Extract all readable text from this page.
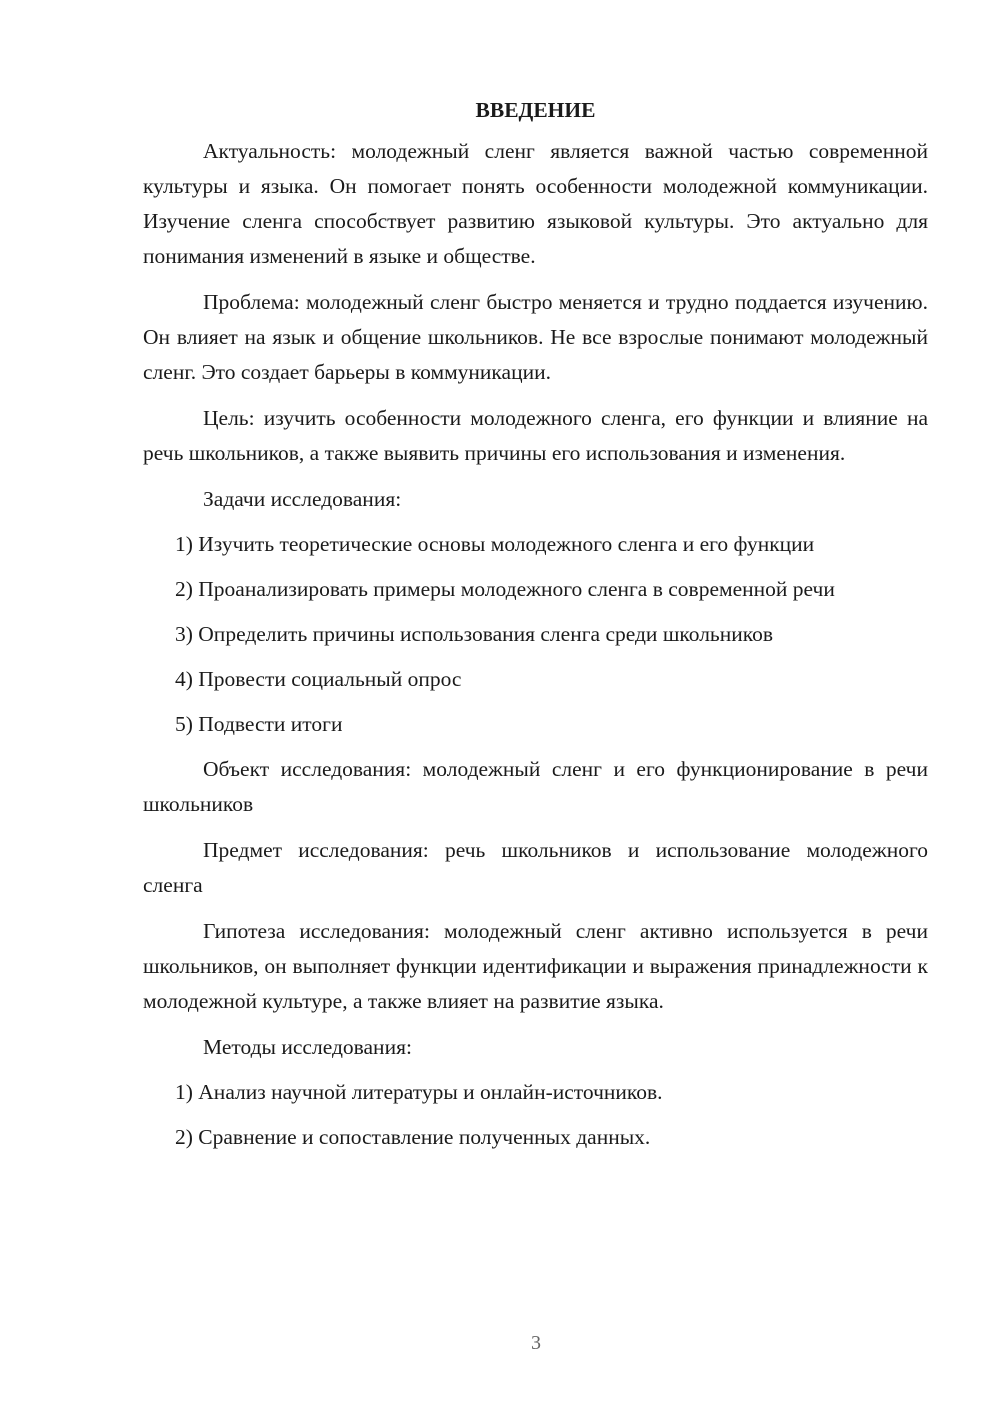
ВВЕДЕНИЕ

Актуальность: молодежный сленг является важной частью современной культуры и языка. Он помогает понять особенности молодежной коммуникации. Изучение сленга способствует развитию языковой культуры. Это актуально для понимания изменений в языке и обществе.

Проблема: молодежный сленг быстро меняется и трудно поддается изучению. Он влияет на язык и общение школьников. Не все взрослые понимают молодежный сленг. Это создает барьеры в коммуникации.

Цель: изучить особенности молодежного сленга, его функции и влияние на речь школьников, а также выявить причины его использования и изменения.

Задачи исследования:

1) Изучить теоретические основы молодежного сленга и его функции

2) Проанализировать примеры молодежного сленга в современной речи

3) Определить причины использования сленга среди школьников

4) Провести социальный опрос

5) Подвести итоги

Объект исследования: молодежный сленг и его функционирование в речи школьников

Предмет исследования: речь школьников и использование молодежного сленга

Гипотеза исследования: молодежный сленг активно используется в речи школьников, он выполняет функции идентификации и выражения принадлежности к молодежной культуре, а также влияет на развитие языка.

Методы исследования:

1) Анализ научной литературы и онлайн-источников.

2) Сравнение и сопоставление полученных данных.

3
